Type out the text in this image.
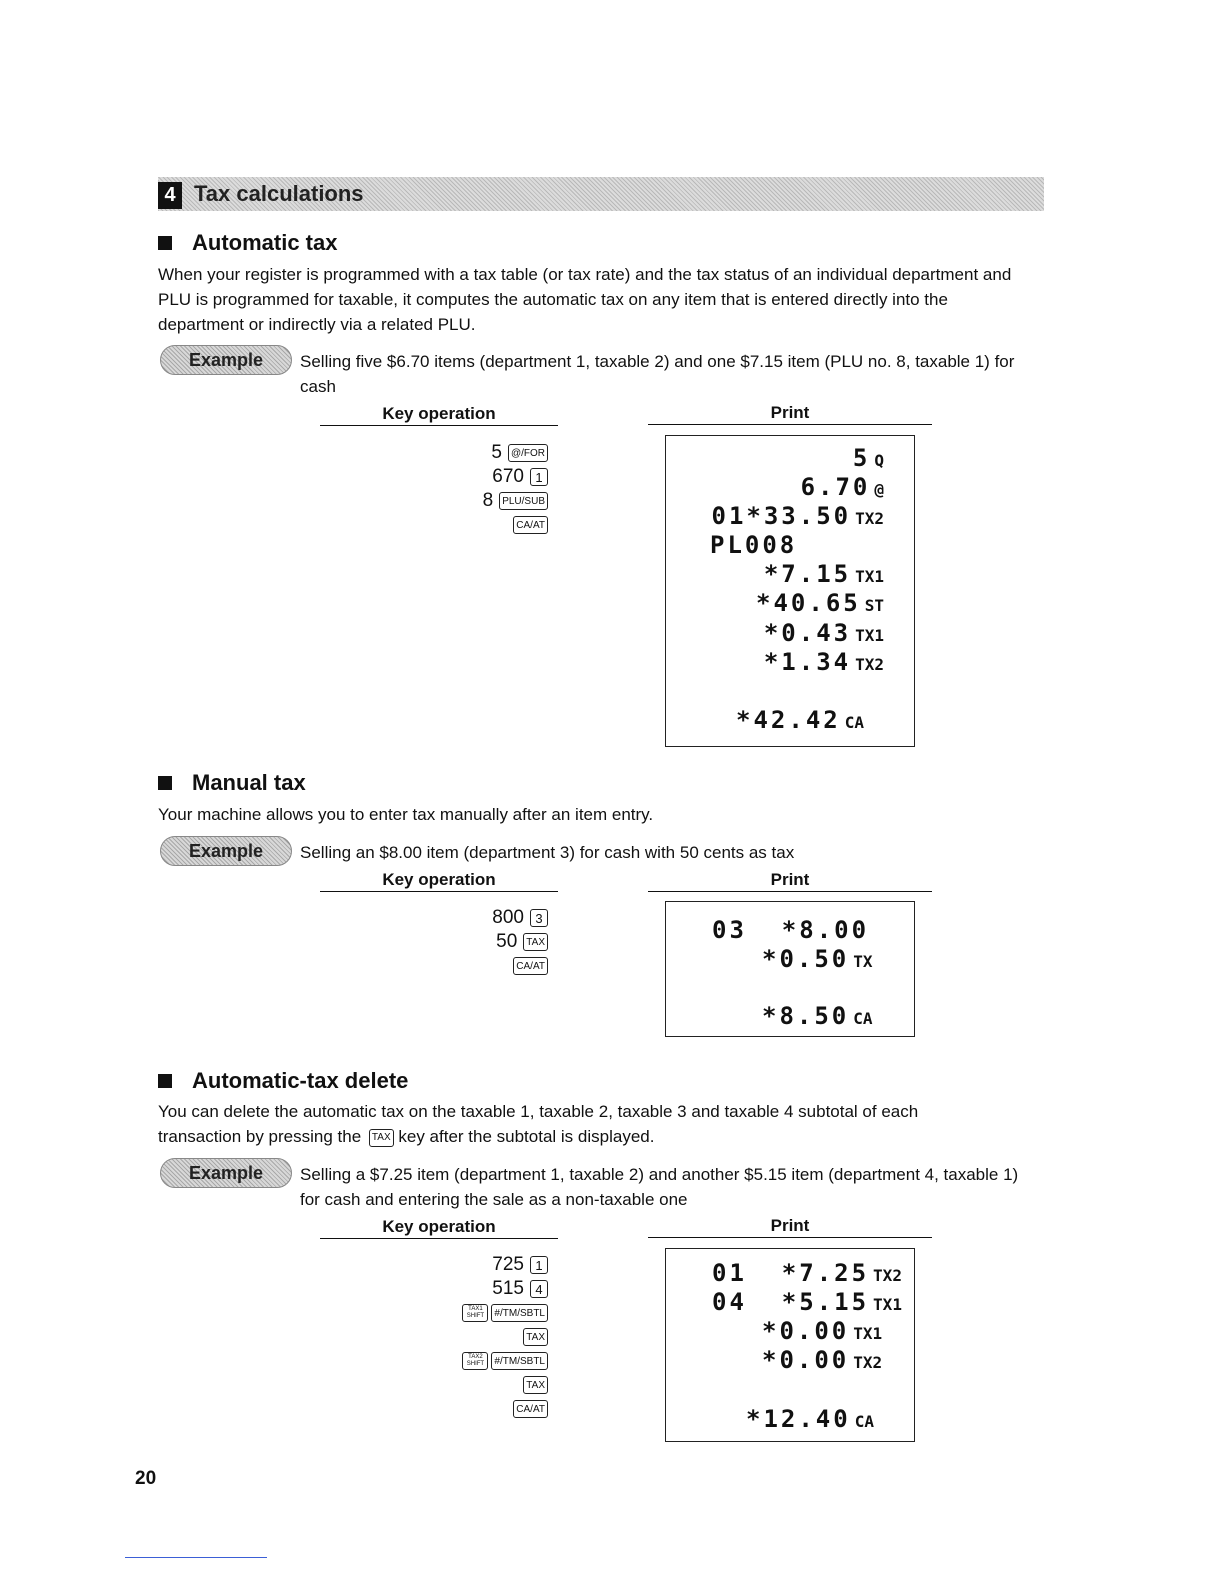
4 Tax calculations
Automatic tax
When your register is programmed with a tax table (or tax rate) and the tax status of an individual department and PLU is programmed for taxable, it computes the automatic tax on any item that is entered directly into the department or indirectly via a related PLU.
Example	Selling five $6.70 items (department 1, taxable 2) and one $7.15 item (PLU no. 8, taxable 1) for cash
Key operation	Print
5 @/FOR
670 1
8 PLU/SUB
CA/AT
5 Q
6.70 @
01*33.50 TX2
PL008
*7.15 TX1
*40.65 ST
*0.43 TX1
*1.34 TX2
*42.42 CA
Manual tax
Your machine allows you to enter tax manually after an item entry.
Example	Selling an $8.00 item (department 3) for cash with 50 cents as tax
Key operation	Print
800 3
50 TAX
CA/AT
03  *8.00
*0.50 TX
*8.50 CA
Automatic-tax delete
You can delete the automatic tax on the taxable 1, taxable 2, taxable 3 and taxable 4 subtotal of each transaction by pressing the TAX key after the subtotal is displayed.
Example	Selling a $7.25 item (department 1, taxable 2) and another $5.15 item (department 4, taxable 1) for cash and entering the sale as a non-taxable one
Key operation	Print
725 1
515 4
TAX1 SHIFT	#/TM/SBTL
TAX
TAX2 SHIFT	#/TM/SBTL
TAX
CA/AT
01  *7.25 TX2
04  *5.15 TX1
*0.00 TX1
*0.00 TX2
*12.40 CA
20
